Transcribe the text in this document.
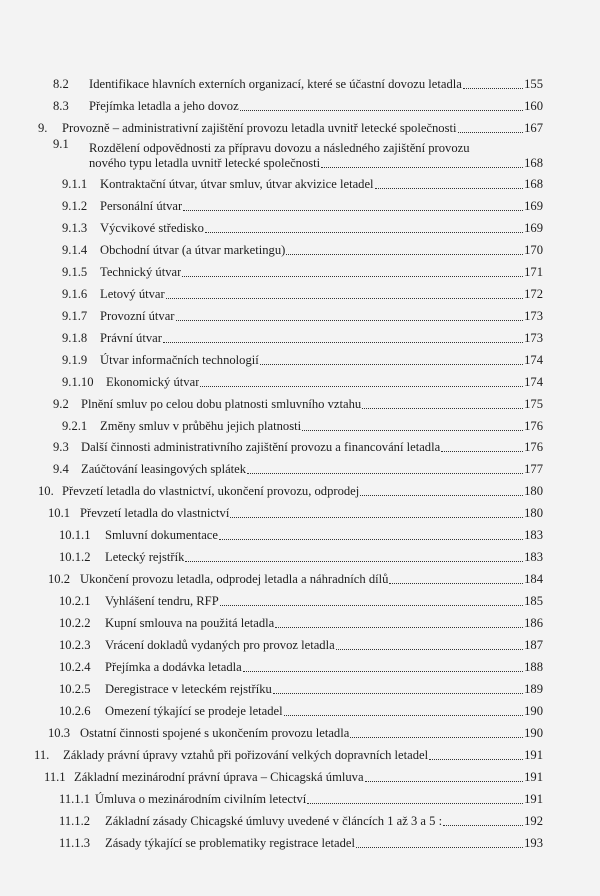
8.2	Identifikace hlavních externích organizací, které se účastní dovozu letadla	155
8.3	Přejímka letadla a jeho dovoz	160
9.	Provozně – administrativní zajištění provozu letadla uvnitř letecké společnosti	167
9.1	Rozdělení odpovědnosti za přípravu dovozu a následného zajištění provozu
nového typu letadla uvnitř letecké společnosti	168
9.1.1	Kontraktační útvar, útvar smluv, útvar akvizice letadel	168
9.1.2	Personální útvar	169
9.1.3	Výcvikové středisko	169
9.1.4	Obchodní útvar (a útvar marketingu)	170
9.1.5	Technický útvar	171
9.1.6	Letový útvar	172
9.1.7	Provozní útvar	173
9.1.8	Právní útvar	173
9.1.9	Útvar informačních technologií	174
9.1.10 Ekonomický útvar	174
9.2 Plnění smluv po celou dobu platnosti smluvního vztahu	175
9.2.1	Změny smluv v průběhu jejich platnosti	176
9.3 Další činnosti administrativního zajištění provozu a financování letadla	176
9.4 Zaúčtování leasingových splátek	177
10. Převzetí letadla do vlastnictví, ukončení provozu, odprodej	180
10.1 Převzetí letadla do vlastnictví	180
10.1.1	Smluvní dokumentace	183
10.1.2	Letecký rejstřík	183
10.2 Ukončení provozu letadla, odprodej letadla a náhradních dílů	184
10.2.1	Vyhlášení tendru, RFP	185
10.2.2	Kupní smlouva na použitá letadla	186
10.2.3	Vrácení dokladů vydaných pro provoz letadla	187
10.2.4	Přejímka a dodávka letadla	188
10.2.5	Deregistrace v leteckém rejstříku	189
10.2.6	Omezení týkající se prodeje letadel	190
10.3 Ostatní činnosti spojené s ukončením provozu letadla	190
11.	Základy právní úpravy vztahů při pořizování velkých dopravních letadel	191
11.1 Základní mezinárodní právní úprava – Chicagská úmluva	191
11.1.1 Úmluva o mezinárodním civilním letectví	191
11.1.2	Základní zásady Chicagské úmluvy uvedené v článcích 1 až 3 a 5 :	192
11.1.3	Zásady týkající se problematiky registrace letadel	193
